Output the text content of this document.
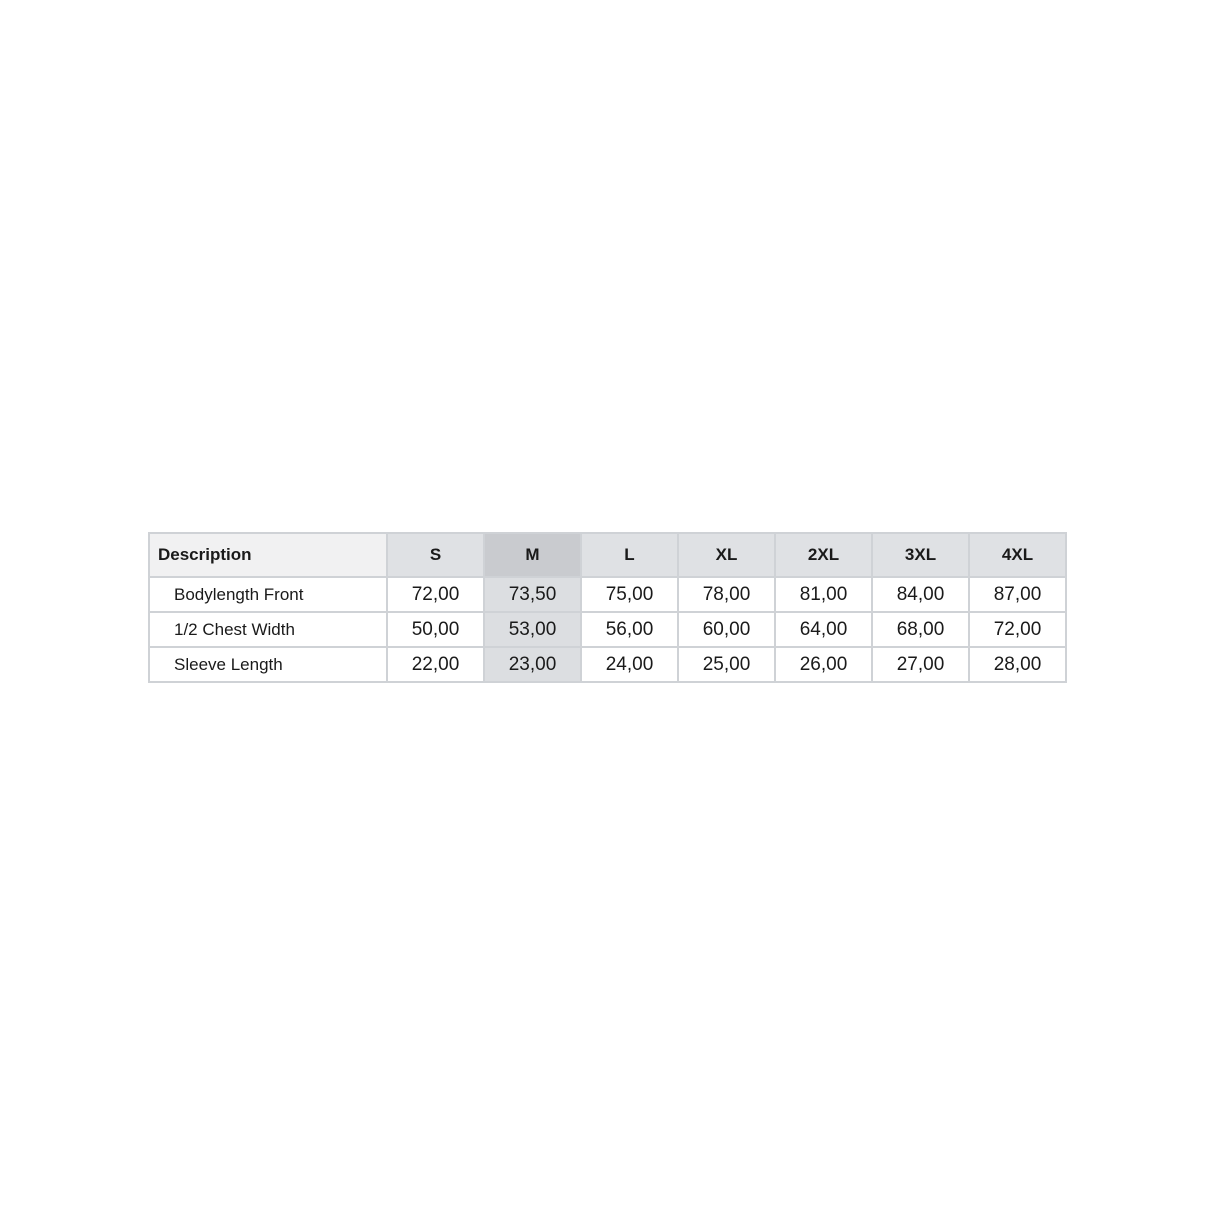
Description	S	M	L	XL	2XL	3XL	4XL
Bodylength Front	72,00	73,50	75,00	78,00	81,00	84,00	87,00
1/2 Chest Width	50,00	53,00	56,00	60,00	64,00	68,00	72,00
Sleeve Length	22,00	23,00	24,00	25,00	26,00	27,00	28,00
